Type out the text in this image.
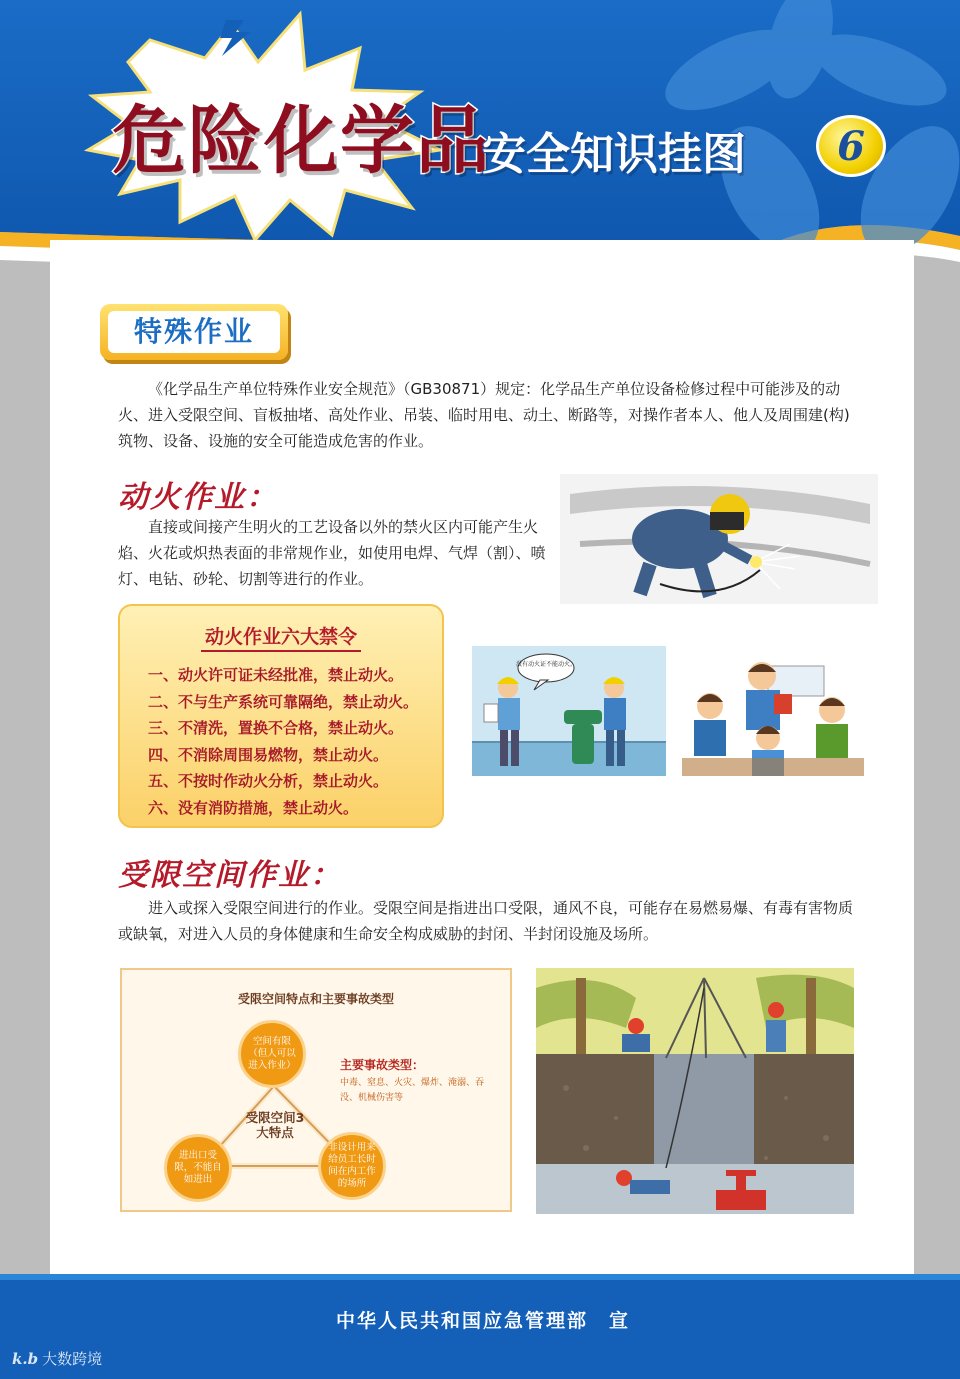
危险化学品
安全知识挂图	6
特殊作业

《化学品生产单位特殊作业安全规范》（GB30871）规定：化学品生产单位设备检修过程中可能涉及的动火、进入受限空间、盲板抽堵、高处作业、吊装、临时用电、动土、断路等，对操作者本人、他人及周围建(构)筑物、设备、设施的安全可能造成危害的作业。

动火作业：

直接或间接产生明火的工艺设备以外的禁火区内可能产生火焰、火花或炽热表面的非常规作业，如使用电焊、气焊（割）、喷灯、电钻、砂轮、切割等进行的作业。

动火作业六大禁令
一、动火许可证未经批准，禁止动火。
二、不与生产系统可靠隔绝，禁止动火。
三、不清洗，置换不合格，禁止动火。
四、不消除周围易燃物，禁止动火。
五、不按时作动火分析，禁止动火。
六、没有消防措施，禁止动火。
没有动火证不能动火。
受限空间作业：

进入或探入受限空间进行的作业。受限空间是指进出口受限，通风不良，可能存在易燃易爆、有毒有害物质或缺氧，对进入人员的身体健康和生命安全构成威胁的封闭、半封闭设施及场所。

受限空间特点和主要事故类型
空间有限（但人可以进入作业）
进出口受限，不能自如进出
非设计用来给员工长时间在内工作的场所
受限空间3大特点
主要事故类型：
中毒、窒息、火灾、爆炸、淹溺、吞没、机械伤害等
中华人民共和国应急管理部　宣
k.b 大数跨境
